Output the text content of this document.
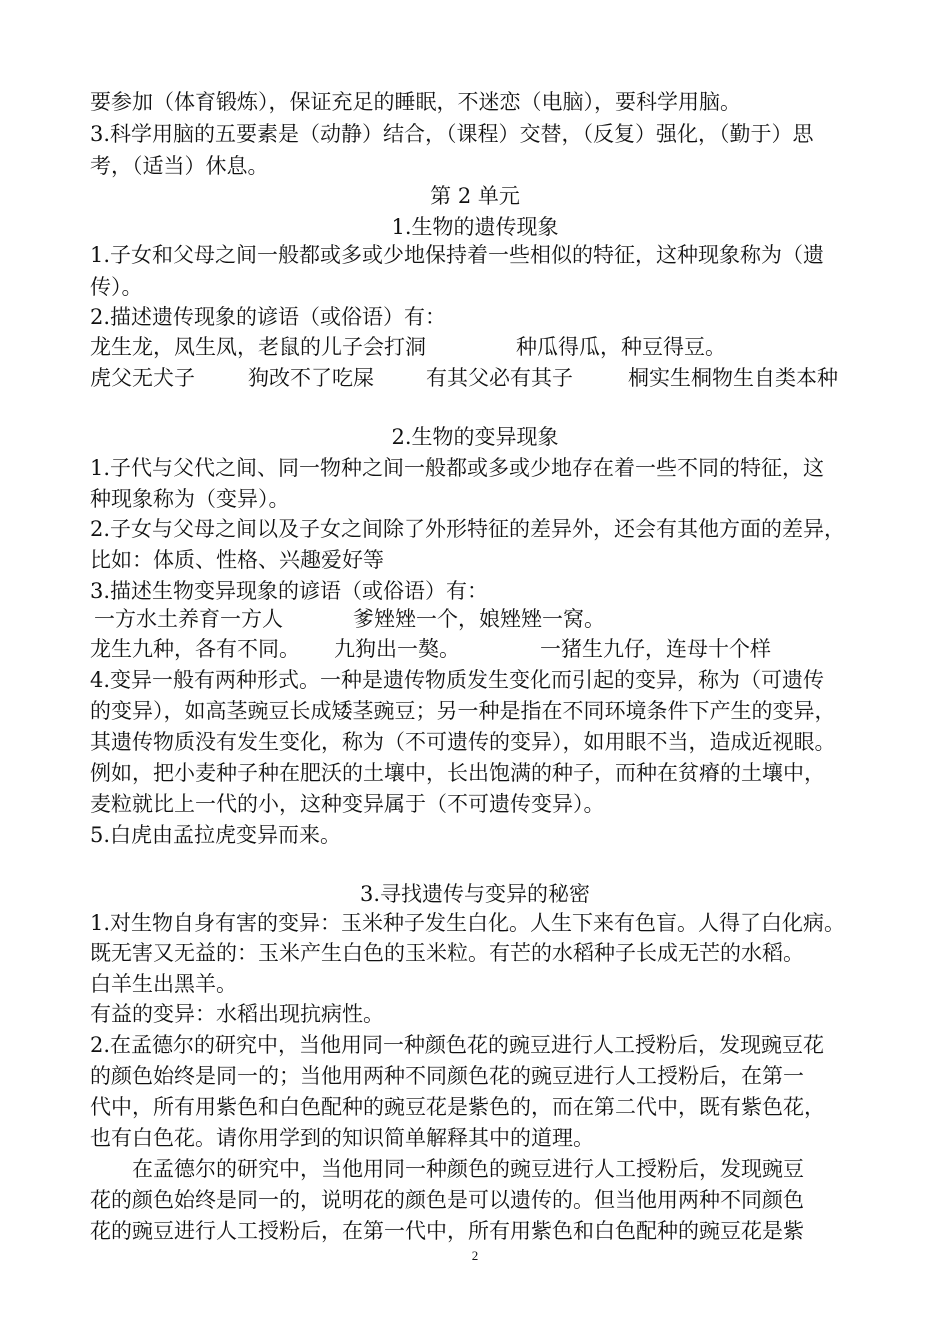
要参加（体育锻炼），保证充足的睡眠，不迷恋（电脑），要科学用脑。
3.科学用脑的五要素是（动静）结合，（课程）交替，（反复）强化，（勤于）思
考，（适当）休息。
第 2 单元
1.生物的遗传现象
1.子女和父母之间一般都或多或少地保持着一些相似的特征，这种现象称为（遗
传）。
2.描述遗传现象的谚语（或俗语）有：
龙生龙，凤生凤，老鼠的儿子会打洞	种瓜得瓜，种豆得豆。
虎父无犬子	狗改不了吃屎 有其父必有其子	桐实生桐物生自类本种
2.生物的变异现象
1.子代与父代之间、同一物种之间一般都或多或少地存在着一些不同的特征，这
种现象称为（变异）。
2.子女与父母之间以及子女之间除了外形特征的差异外，还会有其他方面的差异，
比如：体质、性格、兴趣爱好等
3.描述生物变异现象的谚语（或俗语）有：
一方水土养育一方人	爹矬矬一个，娘矬矬一窝。
龙生九种，各有不同。 九狗出一獒。	一猪生九仔，连母十个样
4.变异一般有两种形式。一种是遗传物质发生变化而引起的变异，称为（可遗传
的变异），如高茎豌豆长成矮茎豌豆；另一种是指在不同环境条件下产生的变异，
其遗传物质没有发生变化，称为（不可遗传的变异），如用眼不当，造成近视眼。
例如，把小麦种子种在肥沃的土壤中，长出饱满的种子，而种在贫瘠的土壤中，
麦粒就比上一代的小，这种变异属于（不可遗传变异）。
5.白虎由孟拉虎变异而来。
3.寻找遗传与变异的秘密
1.对生物自身有害的变异：玉米种子发生白化。人生下来有色盲。人得了白化病。
既无害又无益的：玉米产生白色的玉米粒。有芒的水稻种子长成无芒的水稻。
白羊生出黑羊。
有益的变异：水稻出现抗病性。
2.在孟德尔的研究中，当他用同一种颜色花的豌豆进行人工授粉后，发现豌豆花
的颜色始终是同一的；当他用两种不同颜色花的豌豆进行人工授粉后，在第一
代中，所有用紫色和白色配种的豌豆花是紫色的，而在第二代中，既有紫色花，
也有白色花。请你用学到的知识简单解释其中的道理。
在孟德尔的研究中，当他用同一种颜色的豌豆进行人工授粉后，发现豌豆
花的颜色始终是同一的，说明花的颜色是可以遗传的。但当他用两种不同颜色
花的豌豆进行人工授粉后，在第一代中，所有用紫色和白色配种的豌豆花是紫
2
